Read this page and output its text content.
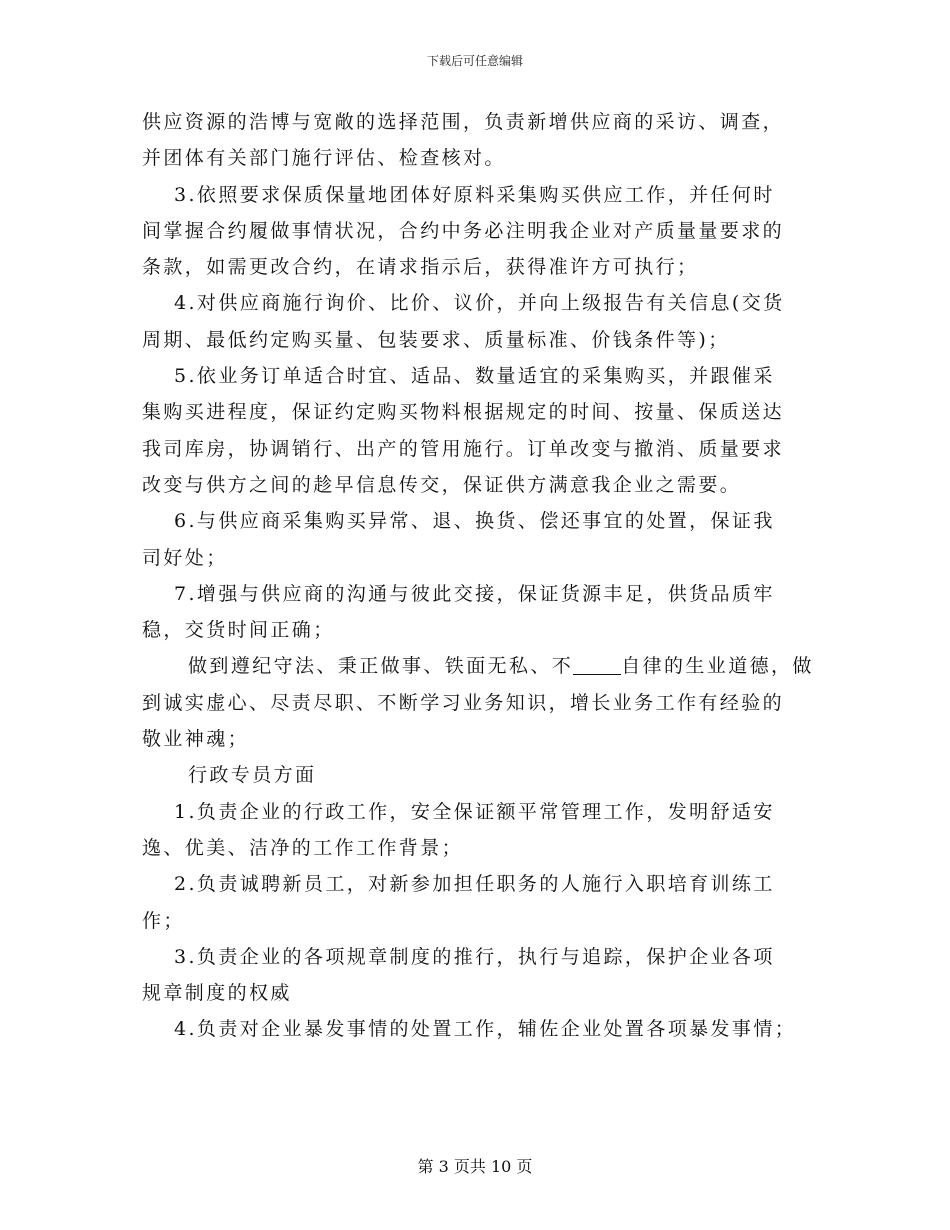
下载后可任意编辑
供应资源的浩博与宽敞的选择范围，负责新增供应商的采访、调查，
并团体有关部门施行评估、检查核对。
3.依照要求保质保量地团体好原料采集购买供应工作，并任何时
间掌握合约履做事情状况，合约中务必注明我企业对产质量量要求的
条款，如需更改合约，在请求指示后，获得准许方可执行；
4.对供应商施行询价、比价、议价，并向上级报告有关信息(交货
周期、最低约定购买量、包装要求、质量标准、价钱条件等)；
5.依业务订单适合时宜、适品、数量适宜的采集购买，并跟催采
集购买进程度，保证约定购买物料根据规定的时间、按量、保质送达
我司库房，协调销行、出产的管用施行。订单改变与撤消、质量要求
改变与供方之间的趁早信息传交，保证供方满意我企业之需要。
6.与供应商采集购买异常、退、换货、偿还事宜的处置，保证我
司好处；
7.增强与供应商的沟通与彼此交接，保证货源丰足，供货品质牢
稳，交货时间正确；
做到遵纪守法、秉正做事、铁面无私、不	自律的生业道德，做
到诚实虚心、尽责尽职、不断学习业务知识，增长业务工作有经验的
敬业神魂；
行政专员方面
1.负责企业的行政工作，安全保证额平常管理工作，发明舒适安
逸、优美、洁净的工作工作背景；
2.负责诚聘新员工，对新参加担任职务的人施行入职培育训练工
作；
3.负责企业的各项规章制度的推行，执行与追踪，保护企业各项
规章制度的权威
4.负责对企业暴发事情的处置工作，辅佐企业处置各项暴发事情；
第 3 页共 10 页
